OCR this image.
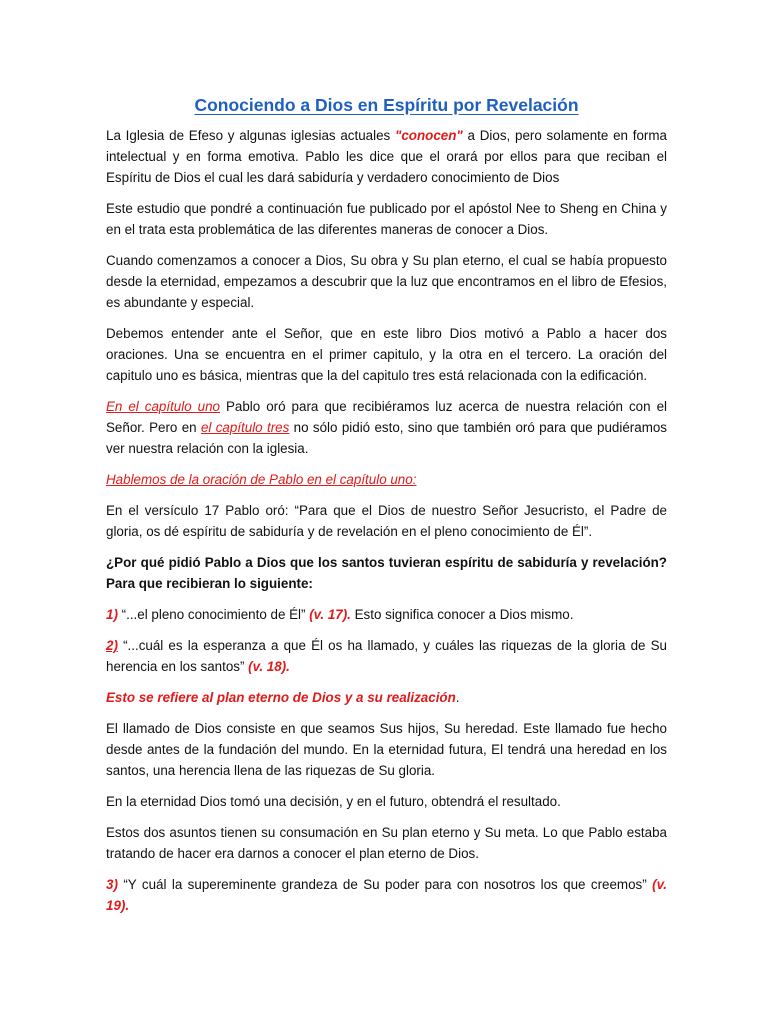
Conociendo a Dios en Espíritu por Revelación

La Iglesia de Efeso y algunas iglesias actuales "conocen" a Dios, pero solamente en forma intelectual y en forma emotiva. Pablo les dice que el orará por ellos para que reciban el Espíritu de Dios el cual les dará sabiduría y verdadero conocimiento de Dios

Este estudio que pondré a continuación fue publicado por el apóstol Nee to Sheng en China y en el trata esta problemática de las diferentes maneras de conocer a Dios.

Cuando comenzamos a conocer a Dios, Su obra y Su plan eterno, el cual se había propuesto desde la eternidad, empezamos a descubrir que la luz que encontramos en el libro de Efesios, es abundante y especial.

Debemos entender ante el Señor, que en este libro Dios motivó a Pablo a hacer dos oraciones. Una se encuentra en el primer capitulo, y la otra en el tercero. La oración del capitulo uno es básica, mientras que la del capitulo tres está relacionada con la edificación.

En el capítulo uno Pablo oró para que recibiéramos luz acerca de nuestra relación con el Señor. Pero en el capítulo tres no sólo pidió esto, sino que también oró para que pudiéramos ver nuestra relación con la iglesia.

Hablemos de la oración de Pablo en el capítulo uno:

En el versículo 17 Pablo oró: “Para que el Dios de nuestro Señor Jesucristo, el Padre de gloria, os dé espíritu de sabiduría y de revelación en el pleno conocimiento de Él”.

¿Por qué pidió Pablo a Dios que los santos tuvieran espíritu de sabiduría y revelación? Para que recibieran lo siguiente:

1) “...el pleno conocimiento de Él” (v. 17). Esto significa conocer a Dios mismo.

2) “...cuál es la esperanza a que Él os ha llamado, y cuáles las riquezas de la gloria de Su herencia en los santos” (v. 18).

Esto se refiere al plan eterno de Dios y a su realización.

El llamado de Dios consiste en que seamos Sus hijos, Su heredad. Este llamado fue hecho desde antes de la fundación del mundo. En la eternidad futura, El tendrá una heredad en los santos, una herencia llena de las riquezas de Su gloria.

En la eternidad Dios tomó una decisión, y en el futuro, obtendrá el resultado.

Estos dos asuntos tienen su consumación en Su plan eterno y Su meta. Lo que Pablo estaba tratando de hacer era darnos a conocer el plan eterno de Dios.

3) “Y cuál la supereminente grandeza de Su poder para con nosotros los que creemos” (v. 19).
